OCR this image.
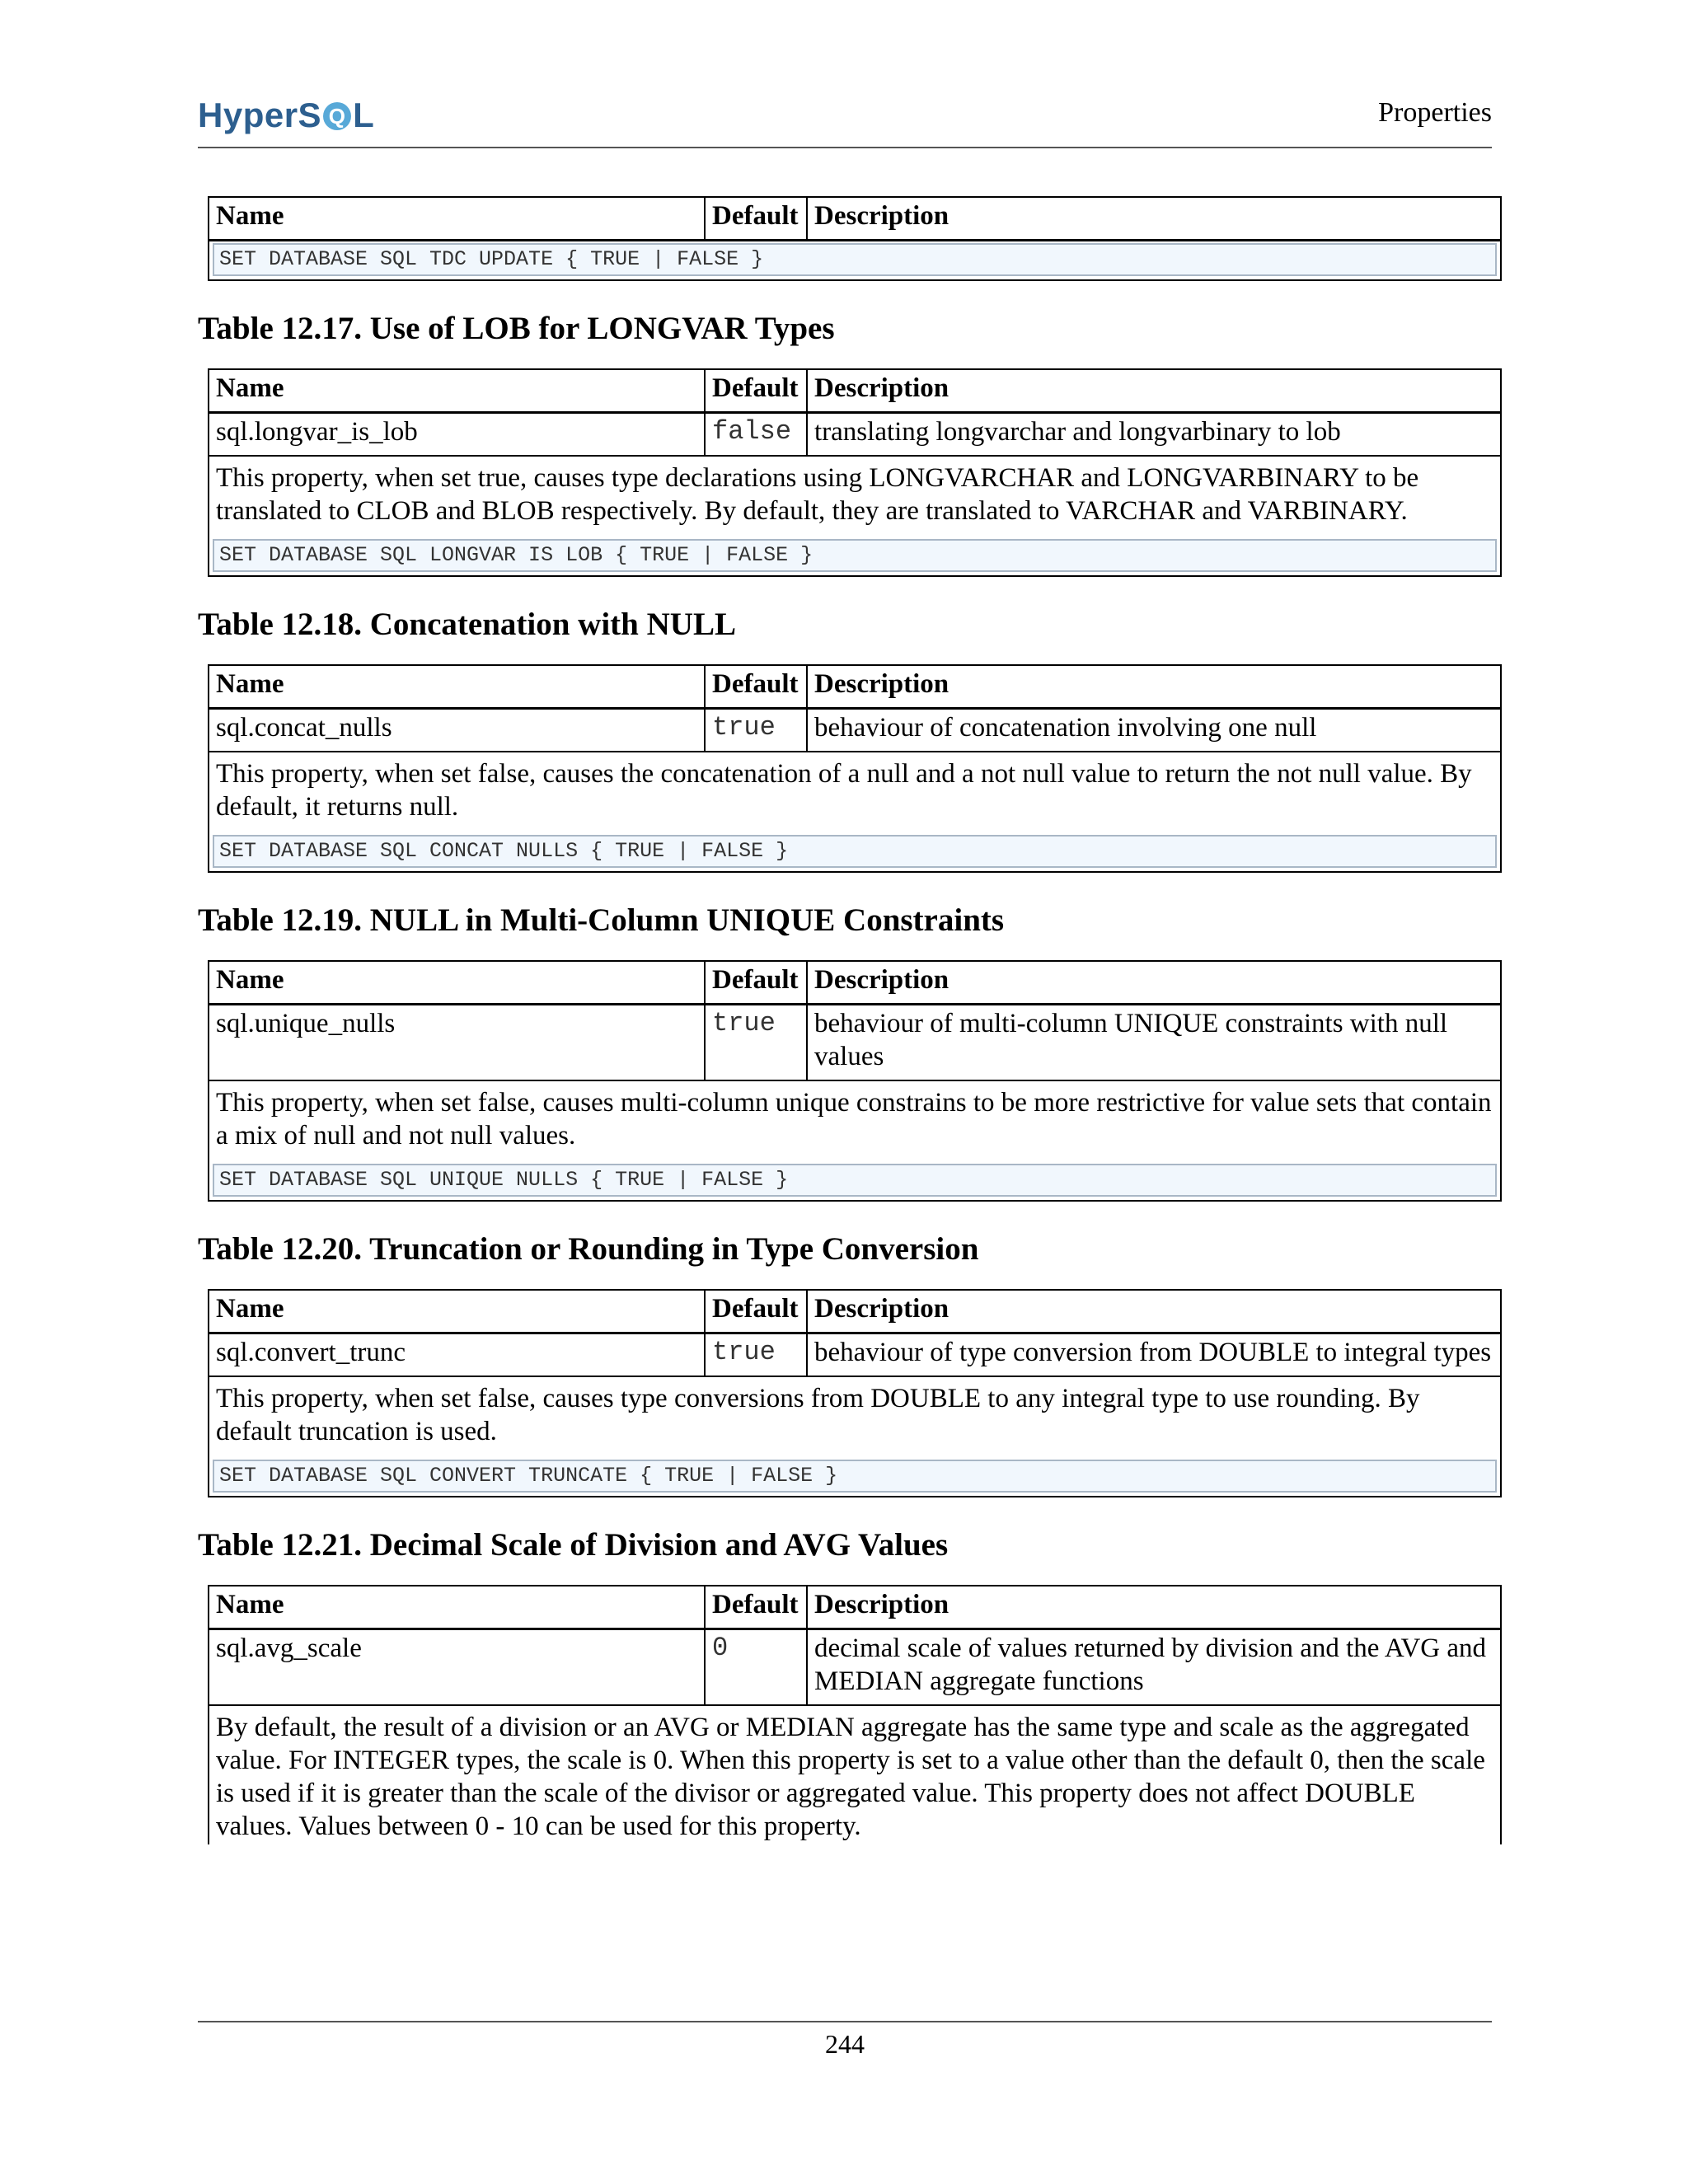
HyperS Q L	Properties
Name	Default	Description

SET DATABASE SQL TDC UPDATE { TRUE | FALSE }
Table 12.17. Use of LOB for LONGVAR Types
Name	Default	Description
sql.longvar_is_lob	false	translating longvarchar and longvarbinary to lob
This property, when set true, causes type declarations using LONGVARCHAR and LONGVARBINARY to be translated to CLOB and BLOB respectively. By default, they are translated to VARCHAR and VARBINARY.		

SET DATABASE SQL LONGVAR IS LOB { TRUE | FALSE }		
Table 12.18. Concatenation with NULL
Name	Default	Description
sql.concat_nulls	true	behaviour of concatenation involving one null
This property, when set false, causes the concatenation of a null and a not null value to return the not null value. By default, it returns null.		

SET DATABASE SQL CONCAT NULLS { TRUE | FALSE }		
Table 12.19. NULL in Multi-Column UNIQUE Constraints
Name	Default	Description
sql.unique_nulls	true	behaviour of multi-column UNIQUE constraints with null values
This property, when set false, causes multi-column unique constrains to be more restrictive for value sets that contain a mix of null and not null values.		

SET DATABASE SQL UNIQUE NULLS { TRUE | FALSE }		
Table 12.20. Truncation or Rounding in Type Conversion
Name	Default	Description
sql.convert_trunc	true	behaviour of type conversion from DOUBLE to integral types
This property, when set false, causes type conversions from DOUBLE to any integral type to use rounding. By default truncation is used.		

SET DATABASE SQL CONVERT TRUNCATE { TRUE | FALSE }		
Table 12.21. Decimal Scale of Division and AVG Values
Name	Default	Description
sql.avg_scale	0	decimal scale of values returned by division and the AVG and MEDIAN aggregate functions
By default, the result of a division or an AVG or MEDIAN aggregate has the same type and scale as the aggregated value. For INTEGER types, the scale is 0. When this property is set to a value other than the default 0, then the scale is used if it is greater than the scale of the divisor or aggregated value. This property does not affect DOUBLE values. Values between 0 - 10 can be used for this property.		
244
